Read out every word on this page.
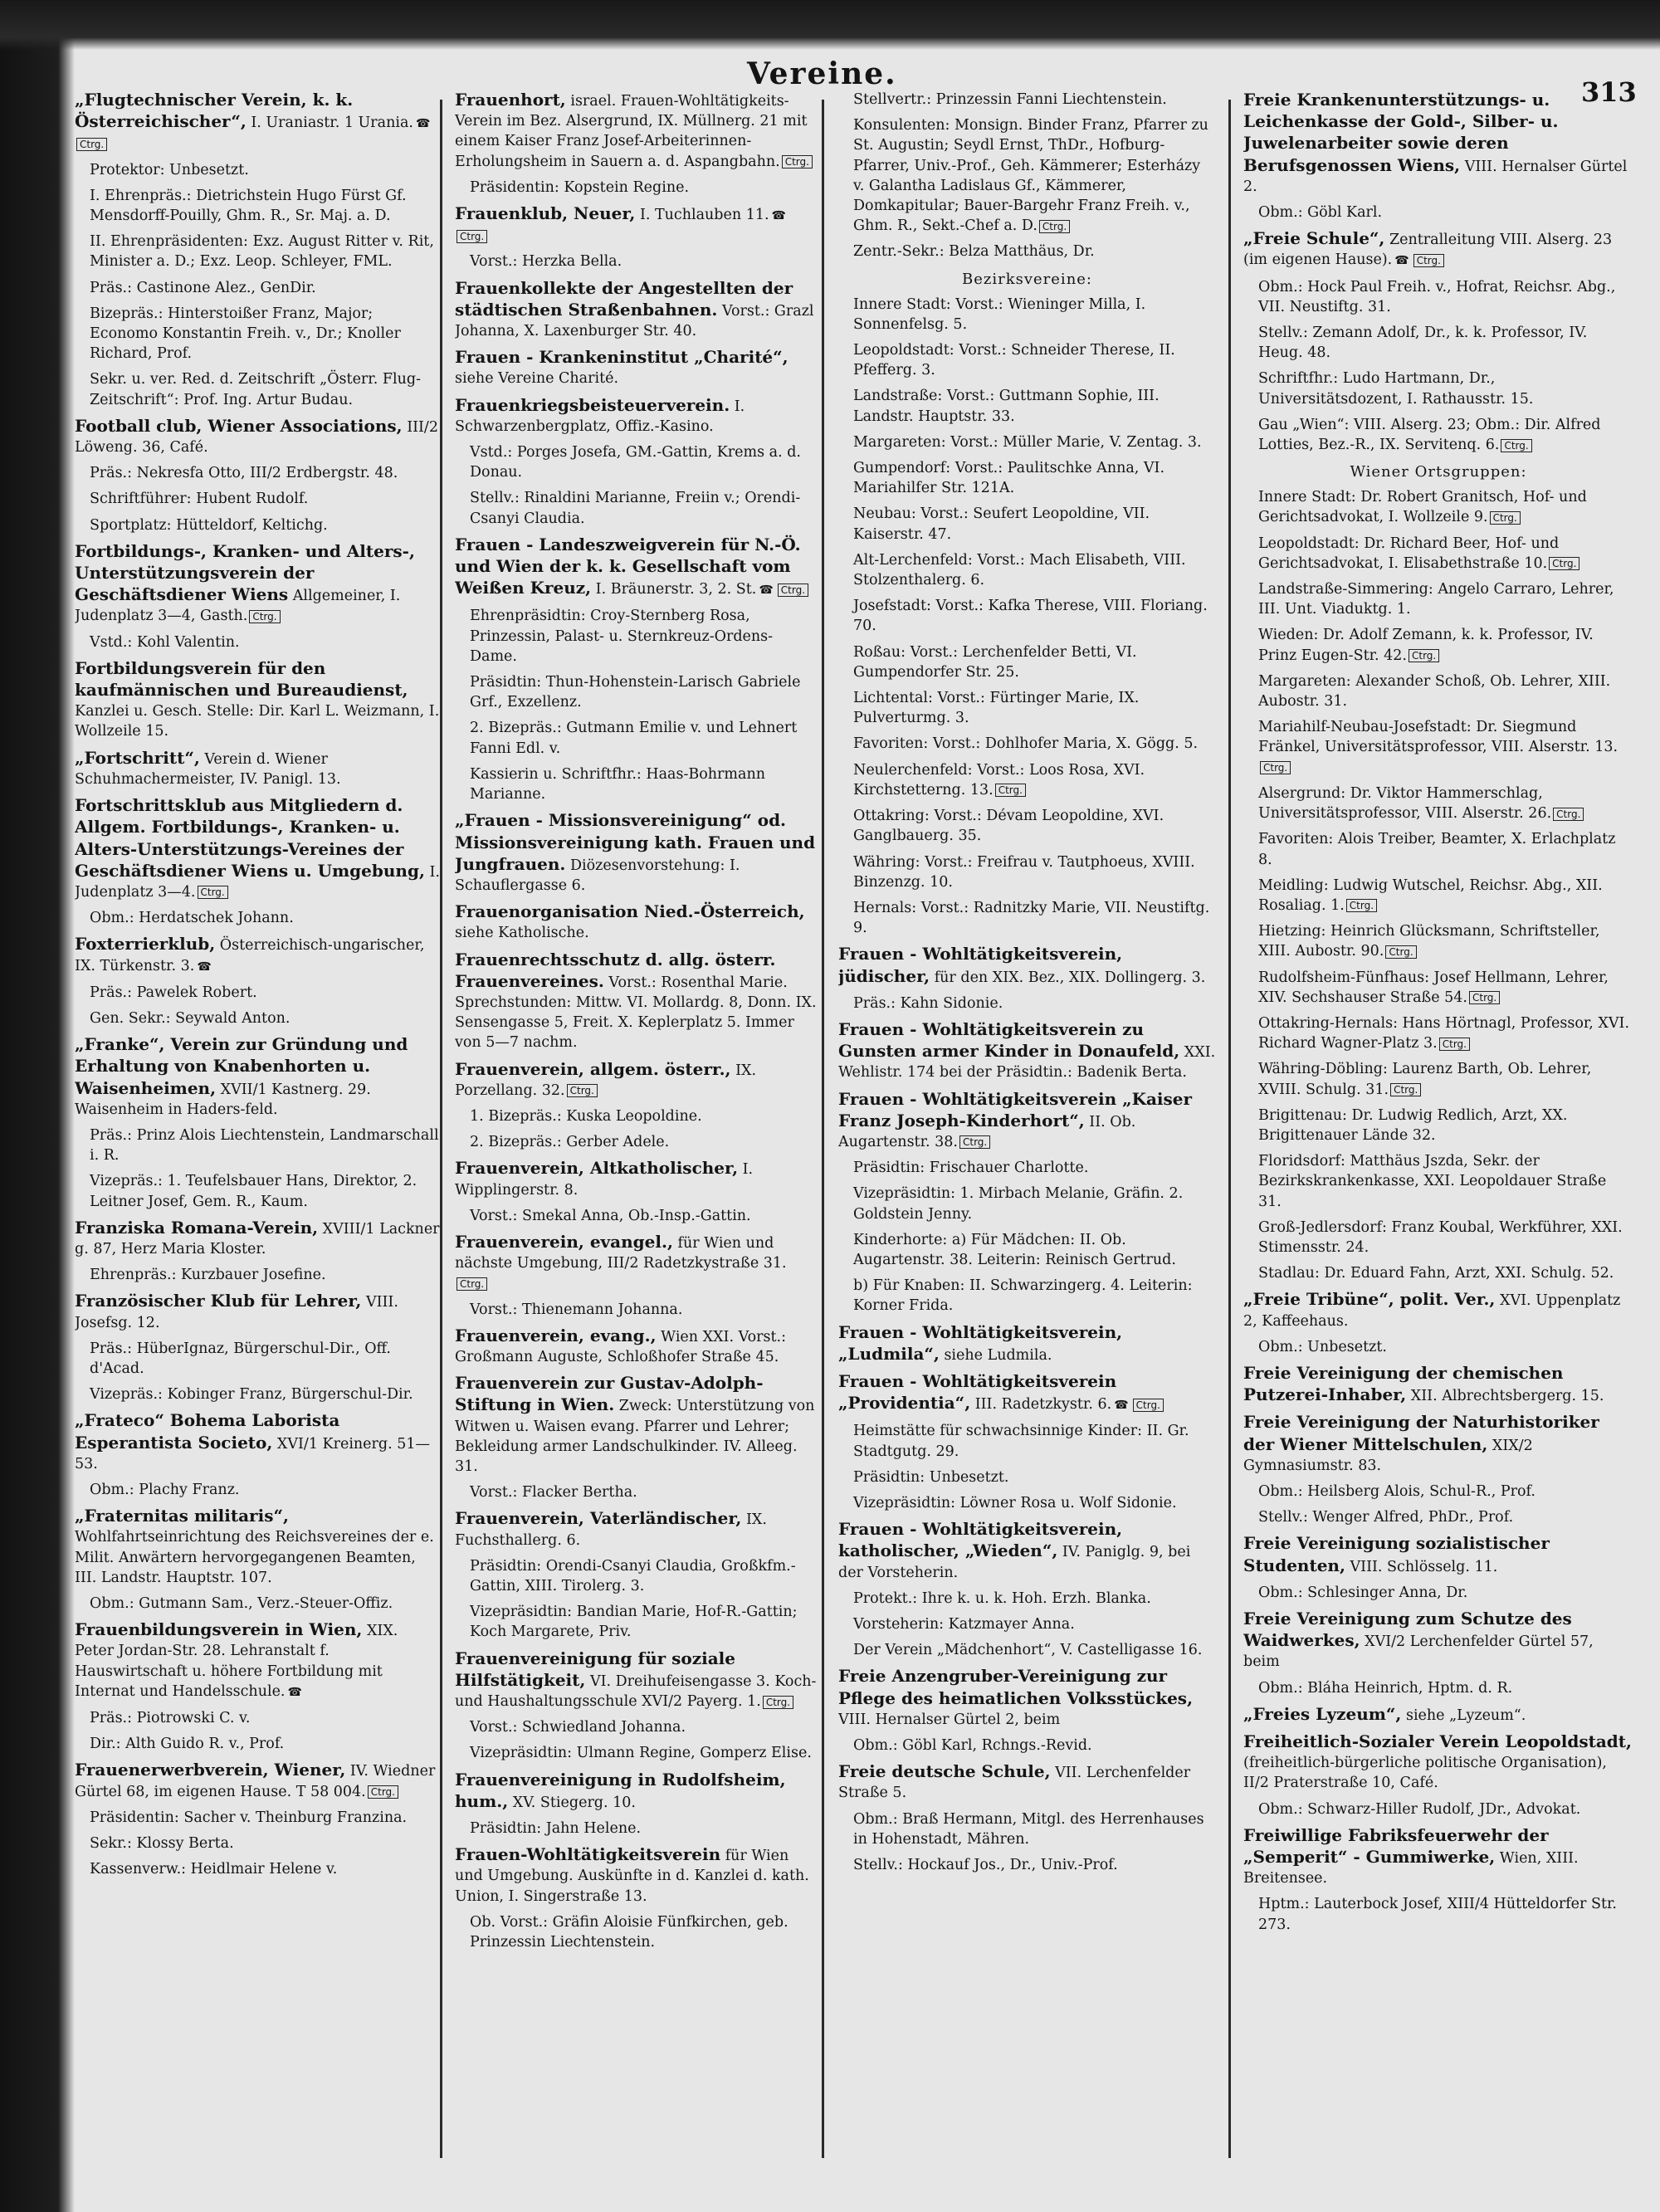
Vereine.
313
„Flugtechnischer Verein, k. k. Österreichischer“, I. Uraniastr. 1 Urania. ☎Ctrg.
Protektor: Unbesetzt.
I. Ehrenpräs.: Dietrichstein Hugo Fürst Gf. Mensdorff-Pouilly, Ghm. R., Sr. Maj. a. D.
II. Ehrenpräsidenten: Exz. August Ritter v. Rit, Minister a. D.; Exz. Leop. Schleyer, FML.
Präs.: Castinone Alez., GenDir.
Bizepräs.: Hinterstoißer Franz, Major; Economo Konstantin Freih. v., Dr.; Knoller Richard, Prof.
Sekr. u. ver. Red. d. Zeitschrift „Österr. Flug-Zeitschrift“: Prof. Ing. Artur Budau.
Football club, Wiener Associations, III/2 Löweng. 36, Café.
Präs.: Nekresfa Otto, III/2 Erdbergstr. 48.
Schriftführer: Hubent Rudolf.
Sportplatz: Hütteldorf, Keltichg.
Fortbildungs-, Kranken- und Alters-, Unterstützungsverein der Geschäftsdiener Wiens Allgemeiner, I. Judenplatz 3—4, Gasth. Ctrg.
Vstd.: Kohl Valentin.
Fortbildungsverein für den kaufmännischen und Bureaudienst, Kanzlei u. Gesch. Stelle: Dir. Karl L. Weizmann, I. Wollzeile 15.
„Fortschritt“, Verein d. Wiener Schuhmachermeister, IV. Panigl. 13.
Fortschrittsklub aus Mitgliedern d. Allgem. Fortbildungs-, Kranken- u. Alters-Unterstützungs-Vereines der Geschäftsdiener Wiens u. Umgebung, I. Judenplatz 3—4. Ctrg.
Obm.: Herdatschek Johann.
Foxterrierklub, Österreichisch-ungarischer, IX. Türkenstr. 3. ☎
Präs.: Pawelek Robert.
Gen. Sekr.: Seywald Anton.
„Franke“, Verein zur Gründung und Erhaltung von Knabenhorten u. Waisenheimen, XVII/1 Kastnerg. 29. Waisenheim in Haders-feld.
Präs.: Prinz Alois Liechtenstein, Landmarschall i. R.
Vizepräs.: 1. Teufelsbauer Hans, Direktor, 2. Leitner Josef, Gem. R., Kaum.
Franziska Romana-Verein, XVIII/1 Lackner g. 87, Herz Maria Kloster.
Ehrenpräs.: Kurzbauer Josefine.
Französischer Klub für Lehrer, VIII. Josefsg. 12.
Präs.: HüberIgnaz, Bürgerschul-Dir., Off. d'Acad.
Vizepräs.: Kobinger Franz, Bürgerschul-Dir.
„Frateco“ Bohema Laborista Esperantista Societo, XVI/1 Kreinerg. 51—53.
Obm.: Plachy Franz.
„Fraternitas militaris“, Wohlfahrtseinrichtung des Reichsvereines der e. Milit. Anwärtern hervorgegangenen Beamten, III. Landstr. Hauptstr. 107.
Obm.: Gutmann Sam., Verz.-Steuer-Offiz.
Frauenbildungsverein in Wien, XIX. Peter Jordan-Str. 28. Lehranstalt f. Hauswirtschaft u. höhere Fortbildung mit Internat und Handelsschule. ☎
Präs.: Piotrowski C. v.
Dir.: Alth Guido R. v., Prof.
Frauenerwerbverein, Wiener, IV. Wiedner Gürtel 68, im eigenen Hause. T 58 004. Ctrg.
Präsidentin: Sacher v. Theinburg Franzina.
Sekr.: Klossy Berta.
Kassenverw.: Heidlmair Helene v.
Frauenhort, israel. Frauen-Wohltätigkeits-Verein im Bez. Alsergrund, IX. Müllnerg. 21 mit einem Kaiser Franz Josef-Arbeiterinnen-Erholungsheim in Sauern a. d. Aspangbahn. Ctrg.
Präsidentin: Kopstein Regine.
Frauenklub, Neuer, I. Tuchlauben 11. ☎Ctrg.
Vorst.: Herzka Bella.
Frauenkollekte der Angestellten der städtischen Straßenbahnen. Vorst.: Grazl Johanna, X. Laxenburger Str. 40.
Frauen - Krankeninstitut „Charité“, siehe Vereine Charité.
Frauenkriegsbeisteuerverein. I. Schwarzenbergplatz, Offiz.-Kasino.
Vstd.: Porges Josefa, GM.-Gattin, Krems a. d. Donau.
Stellv.: Rinaldini Marianne, Freiin v.; Orendi-Csanyi Claudia.
Frauen - Landeszweigverein für N.-Ö. und Wien der k. k. Gesellschaft vom Weißen Kreuz, I. Bräunerstr. 3, 2. St. ☎ Ctrg.
Ehrenpräsidtin: Croy-Sternberg Rosa, Prinzessin, Palast- u. Sternkreuz-Ordens-Dame.
Präsidtin: Thun-Hohenstein-Larisch Gabriele Grf., Exzellenz.
2. Bizepräs.: Gutmann Emilie v. und Lehnert Fanni Edl. v.
Kassierin u. Schriftfhr.: Haas-Bohrmann Marianne.
„Frauen - Missionsvereinigung“ od. Missionsvereinigung kath. Frauen und Jungfrauen. Diözesenvorstehung: I. Schauflergasse 6.
Frauenorganisation Nied.-Österreich, siehe Katholische.
Frauenrechtsschutz d. allg. österr. Frauenvereines. Vorst.: Rosenthal Marie. Sprechstunden: Mittw. VI. Mollardg. 8, Donn. IX. Sensengasse 5, Freit. X. Keplerplatz 5. Immer von 5—7 nachm.
Frauenverein, allgem. österr., IX. Porzellang. 32. Ctrg.
1. Bizepräs.: Kuska Leopoldine.
2. Bizepräs.: Gerber Adele.
Frauenverein, Altkatholischer, I. Wipplingerstr. 8.
Vorst.: Smekal Anna, Ob.-Insp.-Gattin.
Frauenverein, evangel., für Wien und nächste Umgebung, III/2 Radetzkystraße 31.Ctrg.
Vorst.: Thienemann Johanna.
Frauenverein, evang., Wien XXI. Vorst.: Großmann Auguste, Schloßhofer Straße 45.
Frauenverein zur Gustav-Adolph-Stiftung in Wien. Zweck: Unterstützung von Witwen u. Waisen evang. Pfarrer und Lehrer; Bekleidung armer Landschulkinder. IV. Alleeg. 31.
Vorst.: Flacker Bertha.
Frauenverein, Vaterländischer, IX. Fuchsthallerg. 6.
Präsidtin: Orendi-Csanyi Claudia, Großkfm.-Gattin, XIII. Tirolerg. 3.
Vizepräsidtin: Bandian Marie, Hof-R.-Gattin; Koch Margarete, Priv.
Frauenvereinigung für soziale Hilfstätigkeit, VI. Dreihufeisengasse 3. Koch- und Haushaltungsschule XVI/2 Payerg. 1. Ctrg.
Vorst.: Schwiedland Johanna.
Vizepräsidtin: Ulmann Regine, Gomperz Elise.
Frauenvereinigung in Rudolfsheim, hum., XV. Stiegerg. 10.
Präsidtin: Jahn Helene.
Frauen-Wohltätigkeitsverein für Wien und Umgebung. Auskünfte in d. Kanzlei d. kath. Union, I. Singerstraße 13.
Ob. Vorst.: Gräfin Aloisie Fünfkirchen, geb. Prinzessin Liechtenstein.
Stellvertr.: Prinzessin Fanni Liechtenstein.
Konsulenten: Monsign. Binder Franz, Pfarrer zu St. Augustin; Seydl Ernst, ThDr., Hofburg-Pfarrer, Univ.-Prof., Geh. Kämmerer; Esterházy v. Galantha Ladislaus Gf., Kämmerer, Domkapitular; Bauer-Bargehr Franz Freih. v., Ghm. R., Sekt.-Chef a. D. Ctrg.
Zentr.-Sekr.: Belza Matthäus, Dr.
Bezirksvereine:
Innere Stadt: Vorst.: Wieninger Milla, I. Sonnenfelsg. 5.
Leopoldstadt: Vorst.: Schneider Therese, II. Pfefferg. 3.
Landstraße: Vorst.: Guttmann Sophie, III. Landstr. Hauptstr. 33.
Margareten: Vorst.: Müller Marie, V. Zentag. 3.
Gumpendorf: Vorst.: Paulitschke Anna, VI. Mariahilfer Str. 121A.
Neubau: Vorst.: Seufert Leopoldine, VII. Kaiserstr. 47.
Alt-Lerchenfeld: Vorst.: Mach Elisabeth, VIII. Stolzenthalerg. 6.
Josefstadt: Vorst.: Kafka Therese, VIII. Floriang. 70.
Roßau: Vorst.: Lerchenfelder Betti, VI. Gumpendorfer Str. 25.
Lichtental: Vorst.: Fürtinger Marie, IX. Pulverturmg. 3.
Favoriten: Vorst.: Dohlhofer Maria, X. Gögg. 5.
Neulerchenfeld: Vorst.: Loos Rosa, XVI. Kirchstetterng. 13. Ctrg.
Ottakring: Vorst.: Dévam Leopoldine, XVI. Ganglbauerg. 35.
Währing: Vorst.: Freifrau v. Tautphoeus, XVIII. Binzenzg. 10.
Hernals: Vorst.: Radnitzky Marie, VII. Neustiftg. 9.
Frauen - Wohltätigkeitsverein, jüdischer, für den XIX. Bez., XIX. Dollingerg. 3.
Präs.: Kahn Sidonie.
Frauen - Wohltätigkeitsverein zu Gunsten armer Kinder in Donaufeld, XXI. Wehlistr. 174 bei der Präsidtin.: Badenik Berta.
Frauen - Wohltätigkeitsverein „Kaiser Franz Joseph-Kinderhort“, II. Ob. Augartenstr. 38. Ctrg.
Präsidtin: Frischauer Charlotte.
Vizepräsidtin: 1. Mirbach Melanie, Gräfin. 2. Goldstein Jenny.
Kinderhorte: a) Für Mädchen: II. Ob. Augartenstr. 38. Leiterin: Reinisch Gertrud.
b) Für Knaben: II. Schwarzingerg. 4. Leiterin: Korner Frida.
Frauen - Wohltätigkeitsverein, „Ludmila“, siehe Ludmila.
Frauen - Wohltätigkeitsverein „Providentia“, III. Radetzkystr. 6. ☎ Ctrg.
Heimstätte für schwachsinnige Kinder: II. Gr. Stadtgutg. 29.
Präsidtin: Unbesetzt.
Vizepräsidtin: Löwner Rosa u. Wolf Sidonie.
Frauen - Wohltätigkeitsverein, katholischer, „Wieden“, IV. Paniglg. 9, bei der Vorsteherin.
Protekt.: Ihre k. u. k. Hoh. Erzh. Blanka.
Vorsteherin: Katzmayer Anna.
Der Verein „Mädchenhort“, V. Castelligasse 16.
Freie Anzengruber-Vereinigung zur Pflege des heimatlichen Volksstückes, VIII. Hernalser Gürtel 2, beim
Obm.: Göbl Karl, Rchngs.-Revid.
Freie deutsche Schule, VII. Lerchenfelder Straße 5.
Obm.: Braß Hermann, Mitgl. des Herrenhauses in Hohenstadt, Mähren.
Stellv.: Hockauf Jos., Dr., Univ.-Prof.
Freie Krankenunterstützungs- u. Leichenkasse der Gold-, Silber- u. Juwelenarbeiter sowie deren Berufsgenossen Wiens, VIII. Hernalser Gürtel 2.
Obm.: Göbl Karl.
„Freie Schule“, Zentralleitung VIII. Alserg. 23 (im eigenen Hause). ☎ Ctrg.
Obm.: Hock Paul Freih. v., Hofrat, Reichsr. Abg., VII. Neustiftg. 31.
Stellv.: Zemann Adolf, Dr., k. k. Professor, IV. Heug. 48.
Schriftfhr.: Ludo Hartmann, Dr., Universitätsdozent, I. Rathausstr. 15.
Gau „Wien“: VIII. Alserg. 23; Obm.: Dir. Alfred Lotties, Bez.-R., IX. Servitenq. 6. Ctrg.
Wiener Ortsgruppen:
Innere Stadt: Dr. Robert Granitsch, Hof- und Gerichtsadvokat, I. Wollzeile 9. Ctrg.
Leopoldstadt: Dr. Richard Beer, Hof- und Gerichtsadvokat, I. Elisabethstraße 10. Ctrg.
Landstraße-Simmering: Angelo Carraro, Lehrer, III. Unt. Viaduktg. 1.
Wieden: Dr. Adolf Zemann, k. k. Professor, IV. Prinz Eugen-Str. 42. Ctrg.
Margareten: Alexander Schoß, Ob. Lehrer, XIII. Aubostr. 31.
Mariahilf-Neubau-Josefstadt: Dr. Siegmund Fränkel, Universitätsprofessor, VIII. Alserstr. 13.Ctrg.
Alsergrund: Dr. Viktor Hammerschlag, Universitätsprofessor, VIII. Alserstr. 26. Ctrg.
Favoriten: Alois Treiber, Beamter, X. Erlachplatz 8.
Meidling: Ludwig Wutschel, Reichsr. Abg., XII. Rosaliag. 1. Ctrg.
Hietzing: Heinrich Glücksmann, Schriftsteller, XIII. Aubostr. 90. Ctrg.
Rudolfsheim-Fünfhaus: Josef Hellmann, Lehrer, XIV. Sechshauser Straße 54. Ctrg.
Ottakring-Hernals: Hans Hörtnagl, Professor, XVI. Richard Wagner-Platz 3. Ctrg.
Währing-Döbling: Laurenz Barth, Ob. Lehrer, XVIII. Schulg. 31. Ctrg.
Brigittenau: Dr. Ludwig Redlich, Arzt, XX. Brigittenauer Lände 32.
Floridsdorf: Matthäus Jszda, Sekr. der Bezirkskrankenkasse, XXI. Leopoldauer Straße 31.
Groß-Jedlersdorf: Franz Koubal, Werkführer, XXI. Stimensstr. 24.
Stadlau: Dr. Eduard Fahn, Arzt, XXI. Schulg. 52.
„Freie Tribüne“, polit. Ver., XVI. Uppenplatz 2, Kaffeehaus.
Obm.: Unbesetzt.
Freie Vereinigung der chemischen Putzerei-Inhaber, XII. Albrechtsbergerg. 15.
Freie Vereinigung der Naturhistoriker der Wiener Mittelschulen, XIX/2 Gymnasiumstr. 83.
Obm.: Heilsberg Alois, Schul-R., Prof.
Stellv.: Wenger Alfred, PhDr., Prof.
Freie Vereinigung sozialistischer Studenten, VIII. Schlösselg. 11.
Obm.: Schlesinger Anna, Dr.
Freie Vereinigung zum Schutze des Waidwerkes, XVI/2 Lerchenfelder Gürtel 57, beim
Obm.: Bláha Heinrich, Hptm. d. R.
„Freies Lyzeum“, siehe „Lyzeum“.
Freiheitlich-Sozialer Verein Leopoldstadt, (freiheitlich-bürgerliche politische Organisation), II/2 Praterstraße 10, Café.
Obm.: Schwarz-Hiller Rudolf, JDr., Advokat.
Freiwillige Fabriksfeuerwehr der „Semperit“ - Gummiwerke, Wien, XIII. Breitensee.
Hptm.: Lauterbock Josef, XIII/4 Hütteldorfer Str. 273.
